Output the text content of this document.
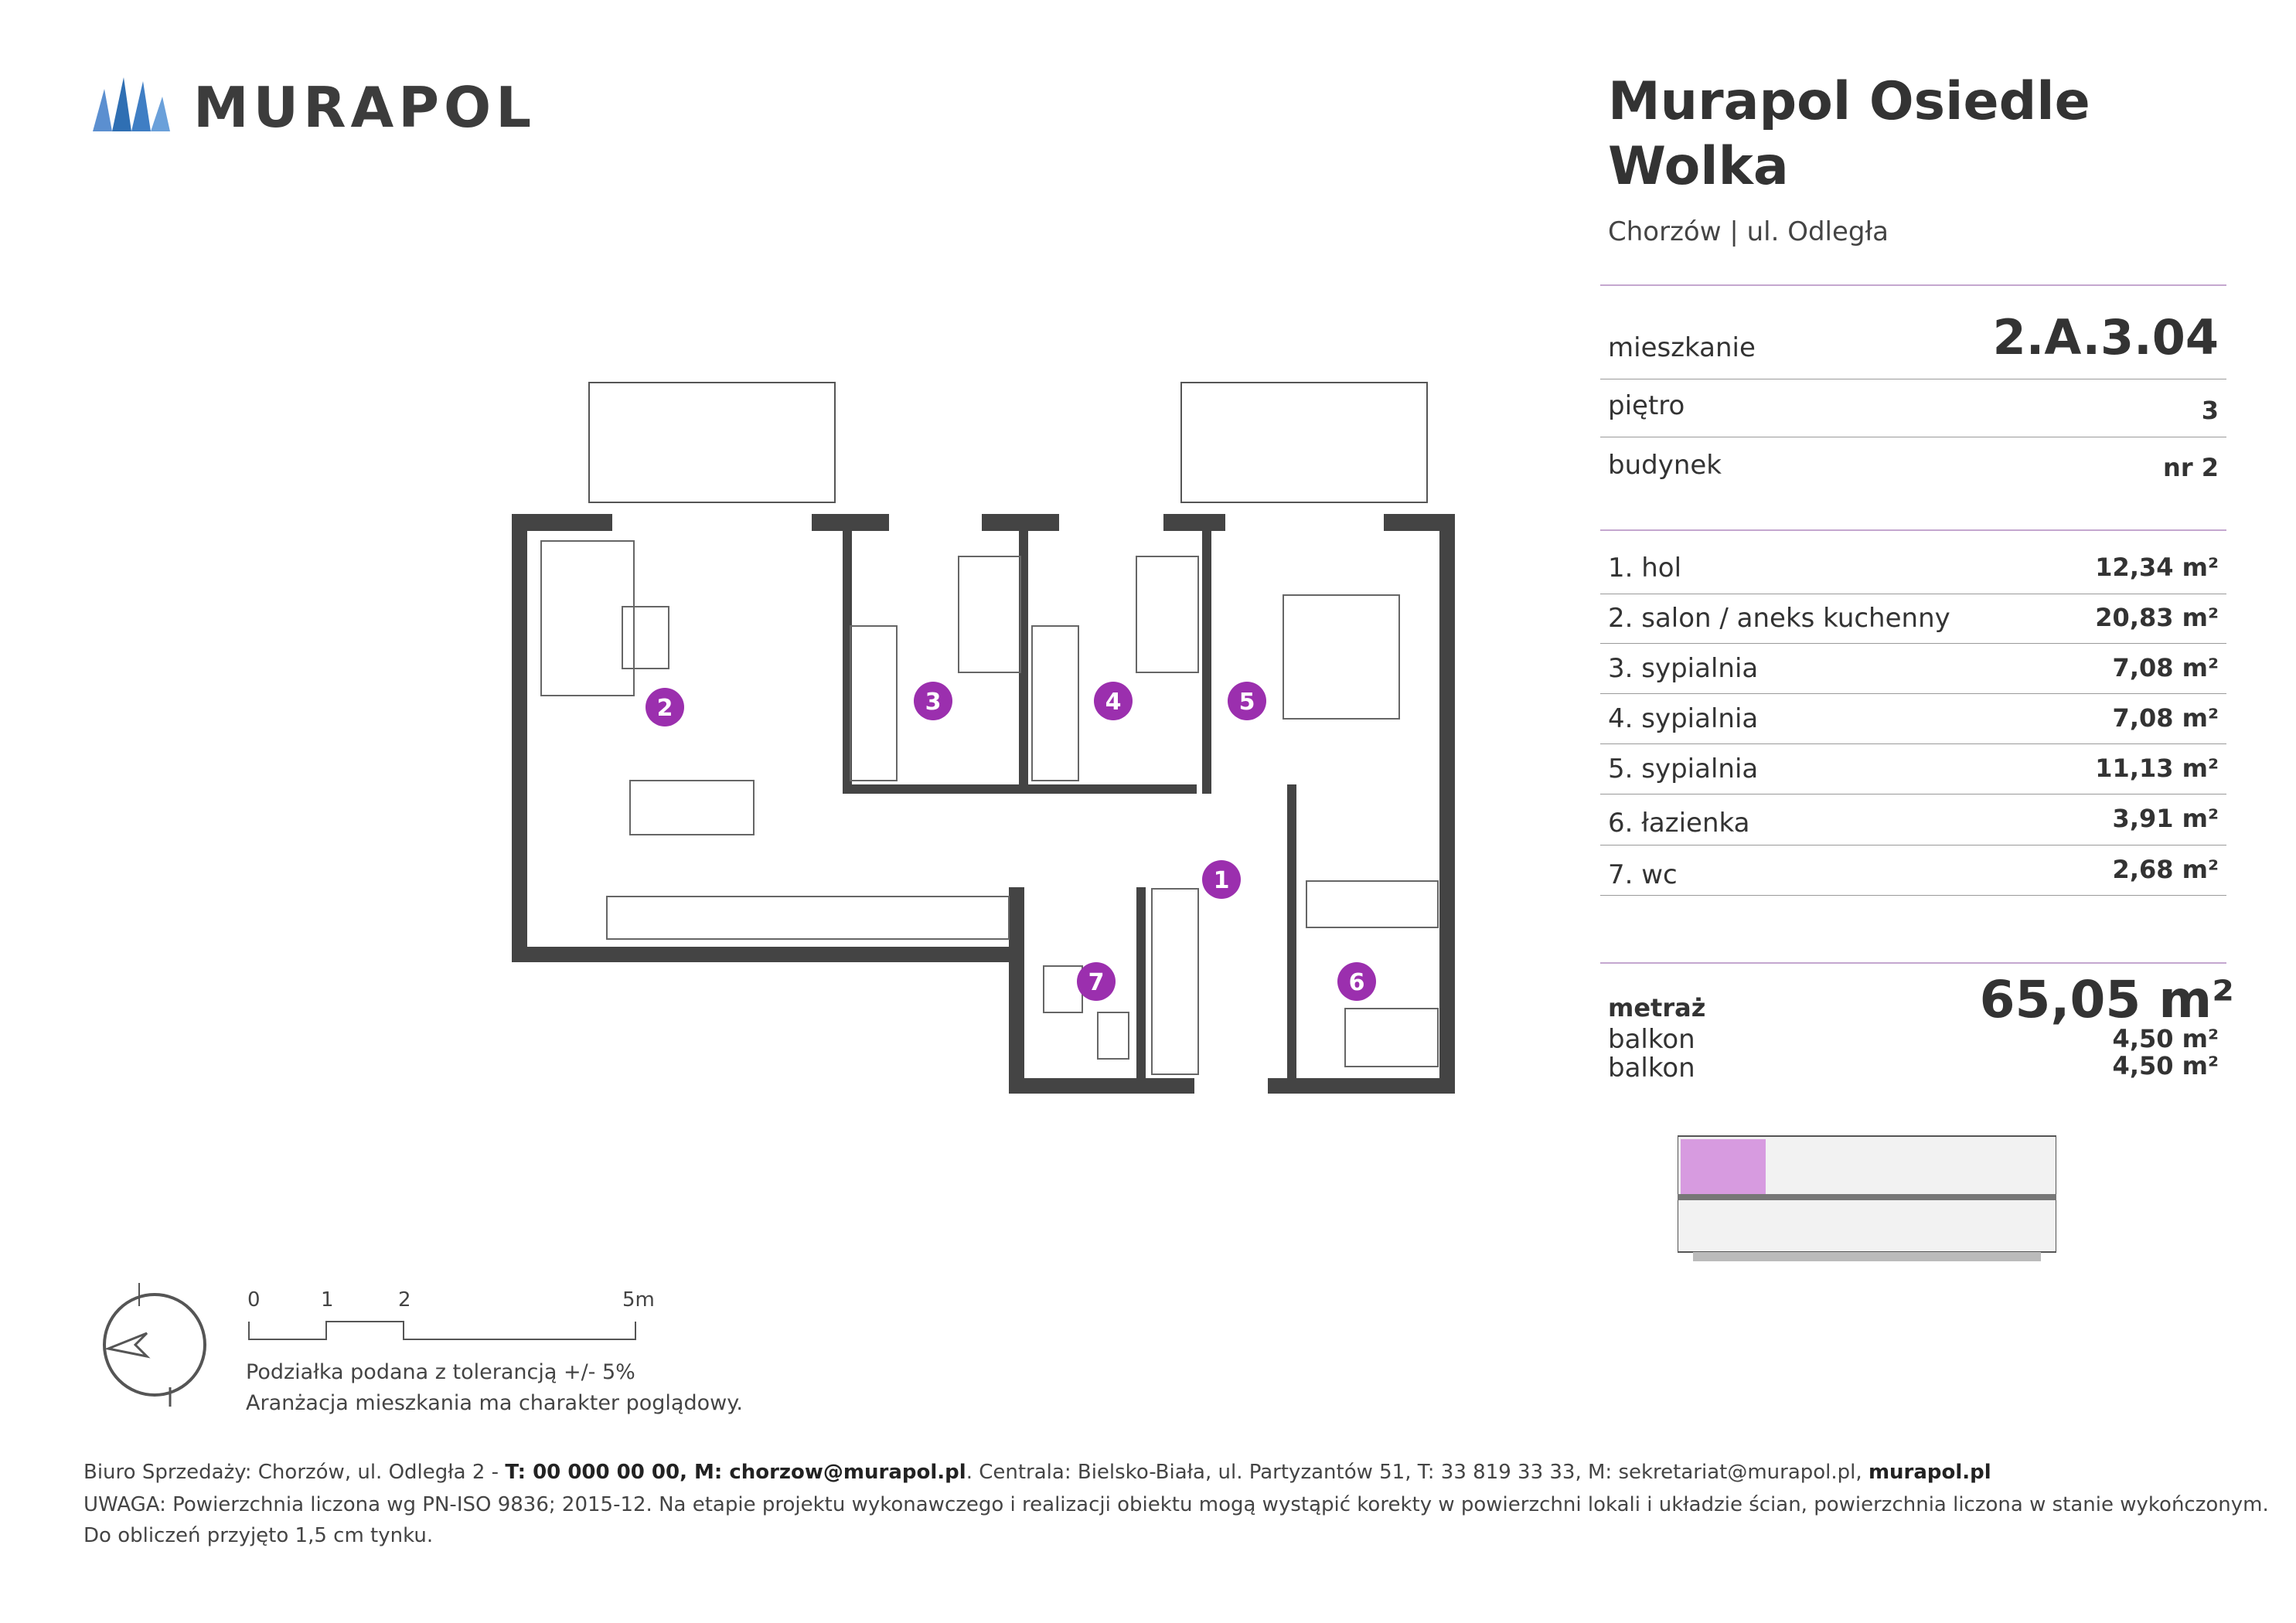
MURAPOL	Murapol Osiedle
Wolka
Chorzów | ul. Odległa
mieszkanie	2.A.3.04
piętro	3
budynek	nr 2
1. hol	12,34 m²
2. salon / aneks kuchenny	20,83 m²
3. sypialnia	7,08 m²
4. sypialnia	7,08 m²
5. sypialnia	11,13 m²
6. łazienka	3,91 m²
7. wc	2,68 m²
metraż	65,05 m²
balkon	4,50 m²
balkon	4,50 m²
1
2	3	4	5
6
7
0	1	2	5m
Podziałka podana z tolerancją +/- 5%
Aranżacja mieszkania ma charakter poglądowy.
Biuro Sprzedaży: Chorzów, ul. Odległa 2 - T: 00 000 00 00, M: chorzow@murapol.pl. Centrala: Bielsko-Biała, ul. Partyzantów 51, T: 33 819 33 33, M: sekretariat@murapol.pl, murapol.pl
UWAGA: Powierzchnia liczona wg PN-ISO 9836; 2015-12. Na etapie projektu wykonawczego i realizacji obiektu mogą wystąpić korekty w powierzchni lokali i układzie ścian, powierzchnia liczona w stanie wykończonym.
Do obliczeń przyjęto 1,5 cm tynku.
